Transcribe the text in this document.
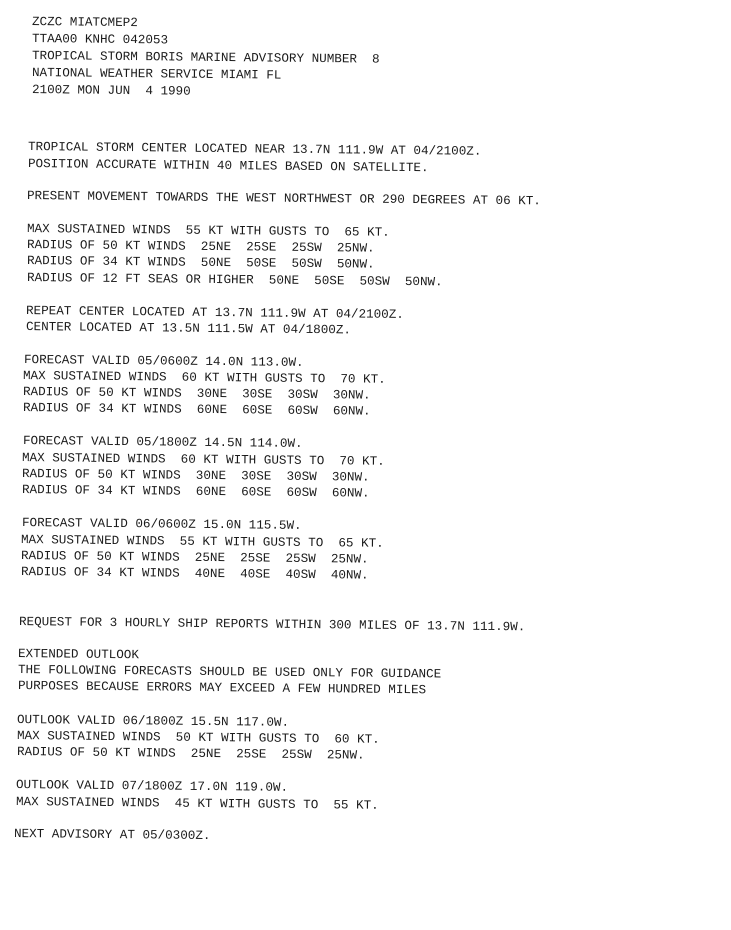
ZCZC MIATCMEP2

TTAA00 KNHC 042053

TROPICAL STORM BORIS MARINE ADVISORY NUMBER  8

NATIONAL WEATHER SERVICE MIAMI FL

2100Z MON JUN  4 1990

TROPICAL STORM CENTER LOCATED NEAR 13.7N 111.9W AT 04/2100Z.

POSITION ACCURATE WITHIN 40 MILES BASED ON SATELLITE.

PRESENT MOVEMENT TOWARDS THE WEST NORTHWEST OR 290 DEGREES AT 06 KT.

MAX SUSTAINED WINDS  55 KT WITH GUSTS TO  65 KT.

RADIUS OF 50 KT WINDS  25NE  25SE  25SW  25NW.

RADIUS OF 34 KT WINDS  50NE  50SE  50SW  50NW.

RADIUS OF 12 FT SEAS OR HIGHER  50NE  50SE  50SW  50NW.

REPEAT CENTER LOCATED AT 13.7N 111.9W AT 04/2100Z.

CENTER LOCATED AT 13.5N 111.5W AT 04/1800Z.

FORECAST VALID 05/0600Z 14.0N 113.0W.

MAX SUSTAINED WINDS  60 KT WITH GUSTS TO  70 KT.

RADIUS OF 50 KT WINDS  30NE  30SE  30SW  30NW.

RADIUS OF 34 KT WINDS  60NE  60SE  60SW  60NW.

FORECAST VALID 05/1800Z 14.5N 114.0W.

MAX SUSTAINED WINDS  60 KT WITH GUSTS TO  70 KT.

RADIUS OF 50 KT WINDS  30NE  30SE  30SW  30NW.

RADIUS OF 34 KT WINDS  60NE  60SE  60SW  60NW.

FORECAST VALID 06/0600Z 15.0N 115.5W.

MAX SUSTAINED WINDS  55 KT WITH GUSTS TO  65 KT.

RADIUS OF 50 KT WINDS  25NE  25SE  25SW  25NW.

RADIUS OF 34 KT WINDS  40NE  40SE  40SW  40NW.

REQUEST FOR 3 HOURLY SHIP REPORTS WITHIN 300 MILES OF 13.7N 111.9W.

EXTENDED OUTLOOK

THE FOLLOWING FORECASTS SHOULD BE USED ONLY FOR GUIDANCE

PURPOSES BECAUSE ERRORS MAY EXCEED A FEW HUNDRED MILES

OUTLOOK VALID 06/1800Z 15.5N 117.0W.

MAX SUSTAINED WINDS  50 KT WITH GUSTS TO  60 KT.

RADIUS OF 50 KT WINDS  25NE  25SE  25SW  25NW.

OUTLOOK VALID 07/1800Z 17.0N 119.0W.

MAX SUSTAINED WINDS  45 KT WITH GUSTS TO  55 KT.

NEXT ADVISORY AT 05/0300Z.
